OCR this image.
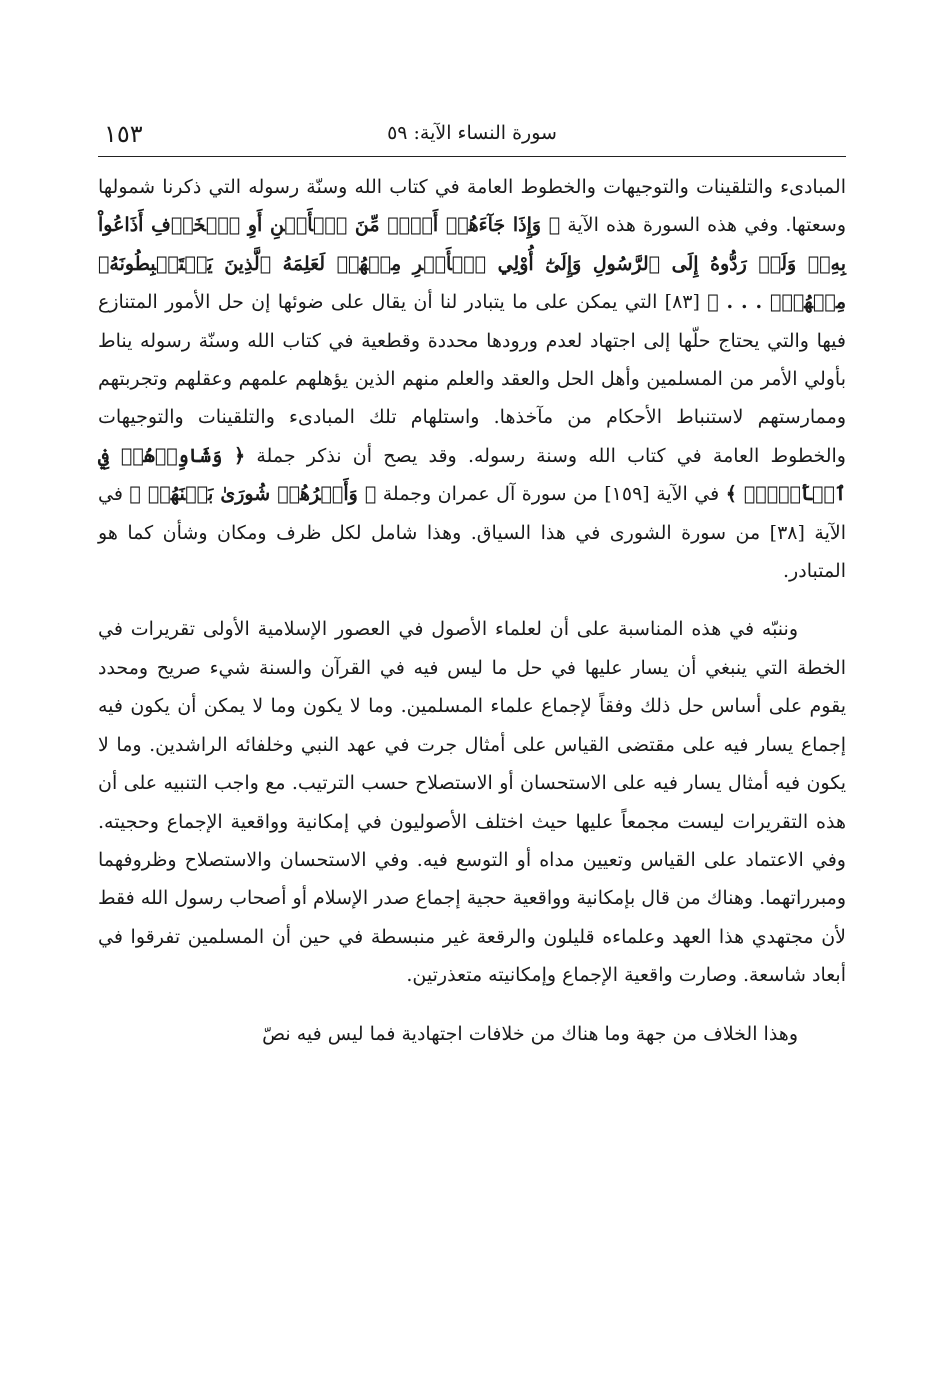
سورة النساء الآية: ٥٩
١٥٣

المبادىء والتلقينات والتوجيهات والخطوط العامة في كتاب الله وسنّة رسوله التي ذكرنا شمولها وسعتها. وفي هذه السورة هذه الآية ﴿ وَإِذَا جَآءَهُمۡ أَمۡرٞ مِّنَ ٱلۡأَمۡنِ أَوِ ٱلۡخَوۡفِ أَذَاعُواْ بِهِۦۖ وَلَوۡ رَدُّوهُ إِلَى ٱلرَّسُولِ وَإِلَىٰٓ أُوْلِي ٱلۡأَمۡرِ مِنۡهُمۡ لَعَلِمَهُ ٱلَّذِينَ يَسۡتَنۢبِطُونَهُۥ مِنۡهُمۡۗ . . . ﴾ [٨٣] التي يمكن على ما يتبادر لنا أن يقال على ضوئها إن حل الأمور المتنازع فيها والتي يحتاج حلّها إلى اجتهاد لعدم ورودها محددة وقطعية في كتاب الله وسنّة رسوله يناط بأولي الأمر من المسلمين وأهل الحل والعقد والعلم منهم الذين يؤهلهم علمهم وعقلهم وتجربتهم وممارستهم لاستنباط الأحكام من مآخذها. واستلهام تلك المبادىء والتلقينات والتوجيهات والخطوط العامة في كتاب الله وسنة رسوله. وقد يصح أن نذكر جملة ﴿ وَشَاوِرۡهُمۡ فِي ٱلۡأَمۡرِۖ ﴾ في الآية [١٥٩] من سورة آل عمران وجملة ﴿ وَأَمۡرُهُمۡ شُورَىٰ بَيۡنَهُمۡ ﴾ في الآية [٣٨] من سورة الشورى في هذا السياق. وهذا شامل لكل ظرف ومكان وشأن كما هو المتبادر.

وننبّه في هذه المناسبة على أن لعلماء الأصول في العصور الإسلامية الأولى تقريرات في الخطة التي ينبغي أن يسار عليها في حل ما ليس فيه في القرآن والسنة شيء صريح ومحدد يقوم على أساس حل ذلك وفقاً لإجماع علماء المسلمين. وما لا يكون وما لا يمكن أن يكون فيه إجماع يسار فيه على مقتضى القياس على أمثال جرت في عهد النبي وخلفائه الراشدين. وما لا يكون فيه أمثال يسار فيه على الاستحسان أو الاستصلاح حسب الترتيب. مع واجب التنبيه على أن هذه التقريرات ليست مجمعاً عليها حيث اختلف الأصوليون في إمكانية وواقعية الإجماع وحجيته. وفي الاعتماد على القياس وتعيين مداه أو التوسع فيه. وفي الاستحسان والاستصلاح وظروفهما ومبرراتهما. وهناك من قال بإمكانية وواقعية حجية إجماع صدر الإسلام أو أصحاب رسول الله فقط لأن مجتهدي هذا العهد وعلماءه قليلون والرقعة غير منبسطة في حين أن المسلمين تفرقوا في أبعاد شاسعة. وصارت واقعية الإجماع وإمكانيته متعذرتين.

وهذا الخلاف من جهة وما هناك من خلافات اجتهادية فما ليس فيه نصّ
